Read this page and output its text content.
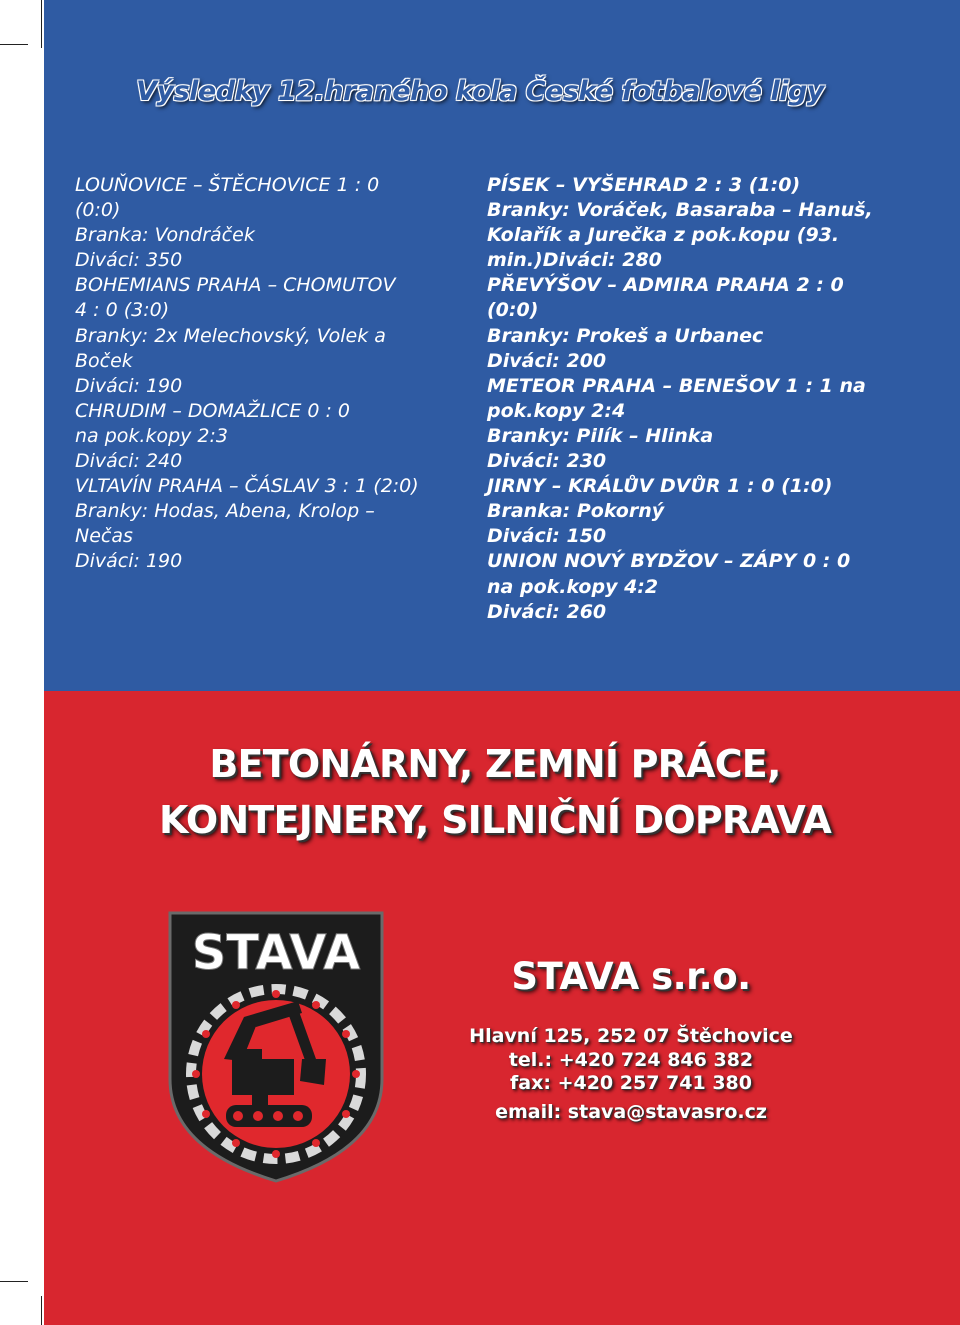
Výsledky 12.hraného kola České fotbalové ligy
LOUŇOVICE – ŠTĚCHOVICE 1 : 0
(0:0)
Branka: Vondráček
Diváci: 350
BOHEMIANS PRAHA – CHOMUTOV
4 : 0 (3:0)
Branky: 2x Melechovský, Volek a
Boček
Diváci: 190
CHRUDIM – DOMAŽLICE 0 : 0
na pok.kopy 2:3
Diváci: 240
VLTAVÍN PRAHA – ČÁSLAV 3 : 1 (2:0)
Branky: Hodas, Abena, Krolop –
Nečas
Diváci: 190
PÍSEK – VYŠEHRAD 2 : 3 (1:0)
Branky: Voráček, Basaraba – Hanuš,
Kolařík a Jurečka z pok.kopu (93.
min.)Diváci: 280
PŘEVÝŠOV – ADMIRA PRAHA 2 : 0
(0:0)
Branky: Prokeš a Urbanec
Diváci: 200
METEOR PRAHA – BENEŠOV 1 : 1 na
pok.kopy 2:4
Branky: Pilík – Hlinka
Diváci: 230
JIRNY – KRÁLŮV DVŮR 1 : 0 (1:0)
Branka: Pokorný
Diváci: 150
UNION NOVÝ BYDŽOV – ZÁPY 0 : 0
na pok.kopy 4:2
Diváci: 260
BETONÁRNY, ZEMNÍ PRÁCE,
KONTEJNERY, SILNIČNÍ DOPRAVA
STAVA	STAVA s.r.o.
Hlavní 125, 252 07 Štěchovice
tel.: +420 724 846 382
fax: +420 257 741 380
email: stava@stavasro.cz
